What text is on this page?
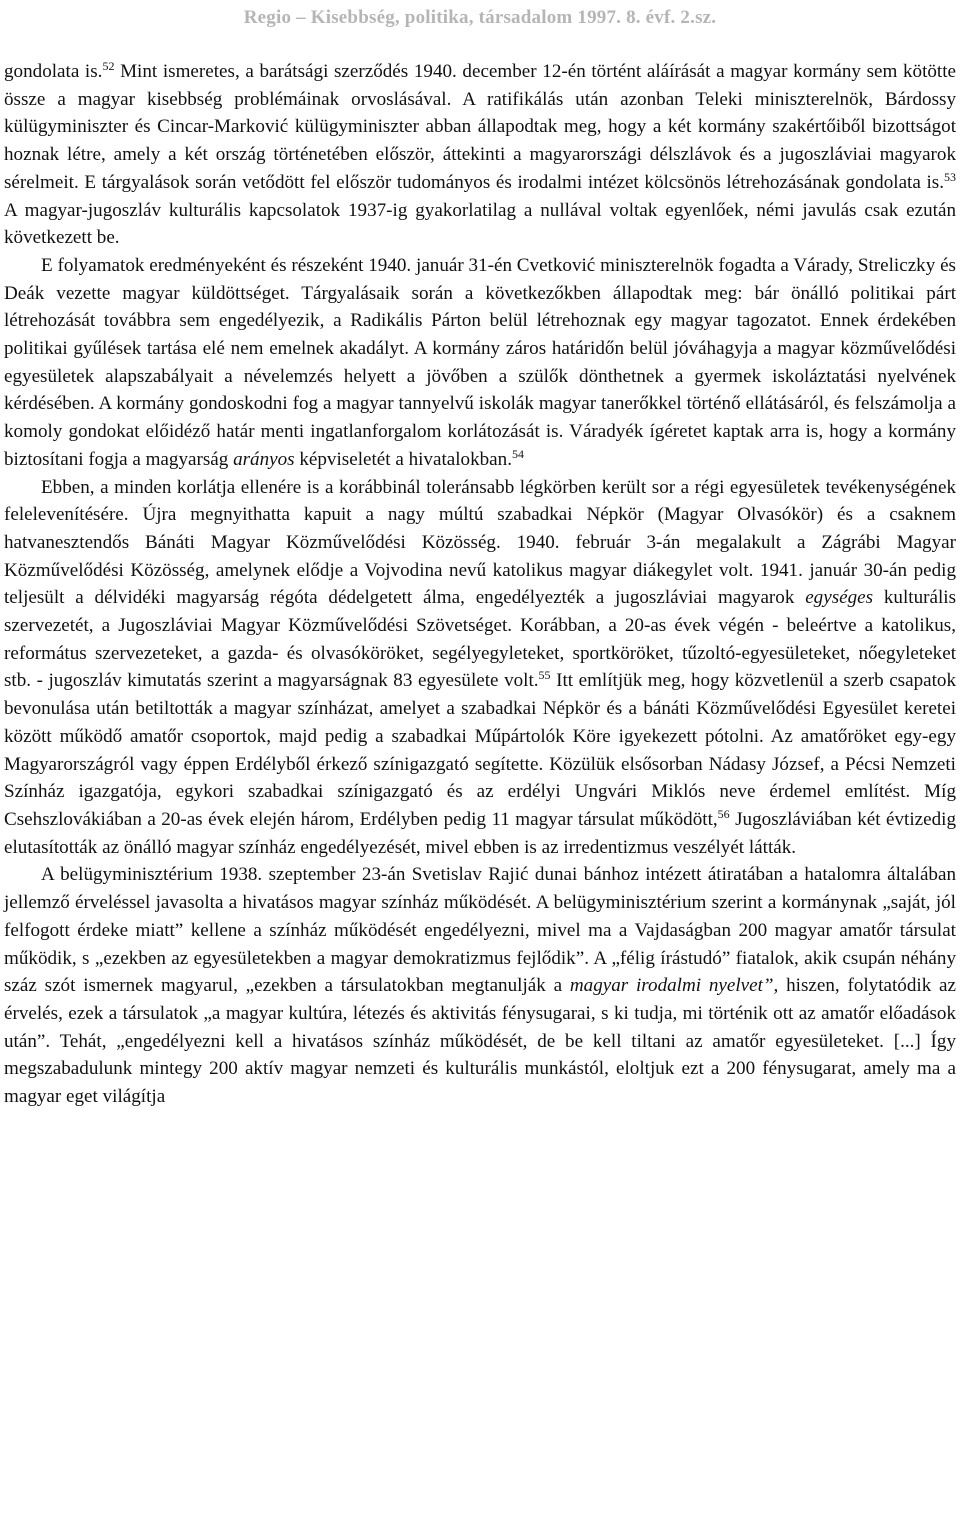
Regio – Kisebbség, politika, társadalom 1997. 8. évf. 2.sz.

gondolata is.$^{52}$ Mint ismeretes, a barátsági szerződés 1940. december 12-én történt aláírását a magyar kormány sem kötötte össze a magyar kisebbség problémáinak orvoslásával. A ratifikálás után azonban Teleki miniszterelnök, Bárdossy külügyminiszter és Cincar-Marković külügyminiszter abban állapodtak meg, hogy a két kormány szakértőiből bizottságot hoznak létre, amely a két ország történetében először, áttekinti a magyarországi délszlávok és a jugoszláviai magyarok sérelmeit. E tárgyalások során vetődött fel először tudományos és irodalmi intézet kölcsönös létrehozásának gondolata is.$^{53}$ A magyar-jugoszláv kulturális kapcsolatok 1937-ig gyakorlatilag a nullával voltak egyenlőek, némi javulás csak ezután következett be.

E folyamatok eredményeként és részeként 1940. január 31-én Cvetković miniszterelnök fogadta a Várady, Streliczky és Deák vezette magyar küldöttséget. Tárgyalásaik során a következőkben állapodtak meg: bár önálló politikai párt létrehozását továbbra sem engedélyezik, a Radikális Párton belül létrehoznak egy magyar tagozatot. Ennek érdekében politikai gyűlések tartása elé nem emelnek akadályt. A kormány záros határidőn belül jóváhagyja a magyar közművelődési egyesületek alapszabályait a névelemzés helyett a jövőben a szülők dönthetnek a gyermek iskoláztatási nyelvének kérdésében. A kormány gondoskodni fog a magyar tannyelvű iskolák magyar tanerőkkel történő ellátásáról, és felszámolja a komoly gondokat előidéző határ menti ingatlanforgalom korlátozását is. Váradyék ígéretet kaptak arra is, hogy a kormány biztosítani fogja a magyarság arányos képviseletét a hivatalokban.$^{54}$

Ebben, a minden korlátja ellenére is a korábbinál toleránsabb légkörben került sor a régi egyesületek tevékenységének felelevenítésére. Újra megnyithatta kapuit a nagy múltú szabadkai Népkör (Magyar Olvasókör) és a csaknem hatvanesztendős Bánáti Magyar Közművelődési Közösség. 1940. február 3-án megalakult a Zágrábi Magyar Közművelődési Közösség, amelynek elődje a Vojvodina nevű katolikus magyar diákegylet volt. 1941. január 30-án pedig teljesült a délvidéki magyarság régóta dédelgetett álma, engedélyezték a jugoszláviai magyarok egységes kulturális szervezetét, a Jugoszláviai Magyar Közművelődési Szövetséget. Korábban, a 20-as évek végén - beleértve a katolikus, református szervezeteket, a gazda- és olvasóköröket, segélyegyleteket, sportköröket, tűzoltó-egyesületeket, nőegyleteket stb. - jugoszláv kimutatás szerint a magyarságnak 83 egyesülete volt.$^{55}$ Itt említjük meg, hogy közvetlenül a szerb csapatok bevonulása után betiltották a magyar színházat, amelyet a szabadkai Népkör és a bánáti Közművelődési Egyesület keretei között működő amatőr csoportok, majd pedig a szabadkai Műpártolók Köre igyekezett pótolni. Az amatőröket egy-egy Magyarországról vagy éppen Erdélyből érkező színigazgató segítette. Közülük elsősorban Nádasy József, a Pécsi Nemzeti Színház igazgatója, egykori szabadkai színigazgató és az erdélyi Ungvári Miklós neve érdemel említést. Míg Csehszlovákiában a 20-as évek elején három, Erdélyben pedig 11 magyar társulat működött,$^{56}$ Jugoszláviában két évtizedig elutasították az önálló magyar színház engedélyezését, mivel ebben is az irredentizmus veszélyét látták.

A belügyminisztérium 1938. szeptember 23-án Svetislav Rajić dunai bánhoz intézett átiratában a hatalomra általában jellemző érveléssel javasolta a hivatásos magyar színház működését. A belügyminisztérium szerint a kormánynak „saját, jól felfogott érdeke miatt” kellene a színház működését engedélyezni, mivel ma a Vajdaságban 200 magyar amatőr társulat működik, s „ezekben az egyesületekben a magyar demokratizmus fejlődik”. A „félig írástudó” fiatalok, akik csupán néhány száz szót ismernek magyarul, „ezekben a társulatokban megtanulják a magyar irodalmi nyelvet”, hiszen, folytatódik az érvelés, ezek a társulatok „a magyar kultúra, létezés és aktivitás fénysugarai, s ki tudja, mi történik ott az amatőr előadások után”. Tehát, „engedélyezni kell a hivatásos színház működését, de be kell tiltani az amatőr egyesületeket. [...] Így megszabadulunk mintegy 200 aktív magyar nemzeti és kulturális munkástól, eloltjuk ezt a 200 fénysugarat, amely ma a magyar eget világítja
